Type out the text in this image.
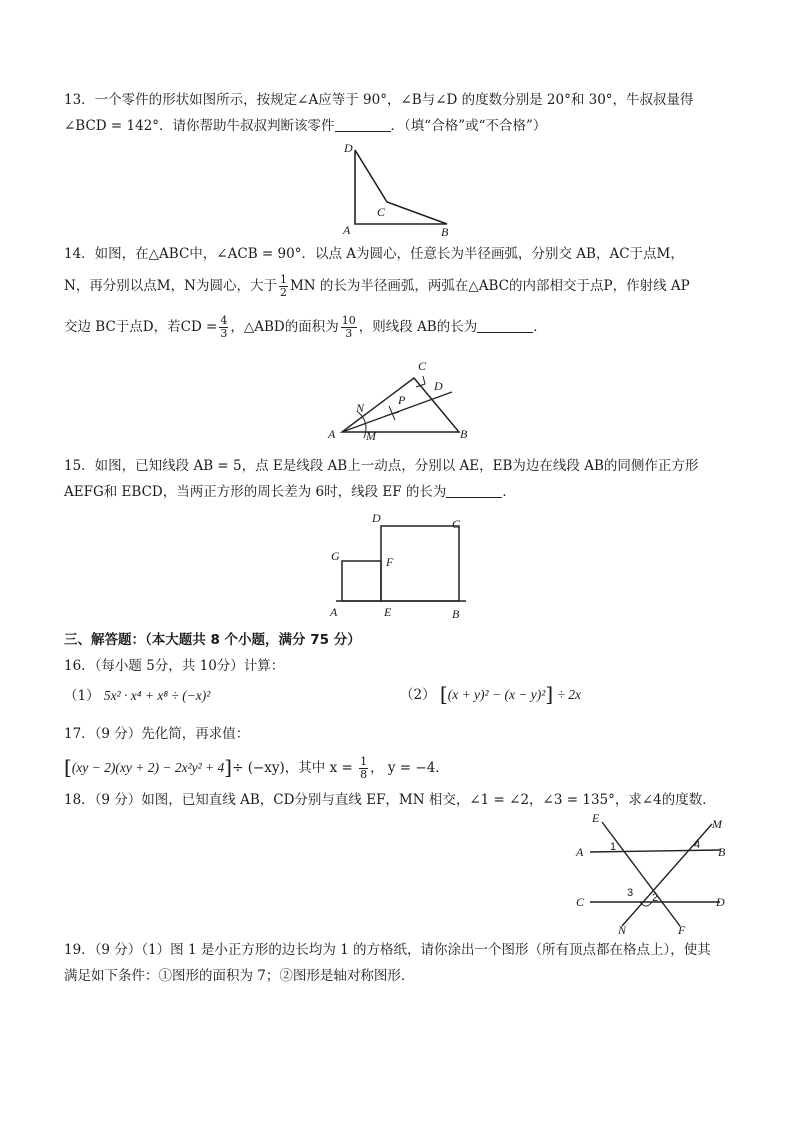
13．一个零件的形状如图所示，按规定∠A应等于 90°，∠B与∠D 的度数分别是 20°和 30°，牛叔叔量得
∠BCD = 142°．请你帮助牛叔叔判断该零件	．（填“合格”或“不合格”）
D
C
A	B
14．如图，在△ABC中，∠ACB = 90°．以点 A为圆心，任意长为半径画弧，分别交 AB，AC于点M，
N，再分别以点M，N为圆心，大于 $\frac{1}{2}$ MN 的长为半径画弧，两弧在△ABC的内部相交于点P，作射线 AP
交边 BC于点D，若CD = $\frac{4}{3}$ ，△ABD的面积为 $\frac{10}{3}$ ，则线段 AB的长为	．
C
D
N
P
A	M	B
15．如图，已知线段 AB = 5，点 E是线段 AB上一动点，分别以 AE，EB为边在线段 AB的同侧作正方形
AEFG和 EBCD，当两正方形的周长差为 6时，线段 EF 的长为	．
D	C
G	F
A	E	B
三、解答题：（本大题共 8 个小题，满分 75 分）
16．（每小题 5分，共 10分）计算：
（1） 5x² · x⁴ + x⁸ ÷ (−x)²	（2） [(x + y)² − (x − y)²] ÷ 2x
17．（9 分）先化简，再求值：
[(xy − 2)(xy + 2) − 2x²y² + 4]÷ (−xy)，其中 $x = \frac{1}{8}$ ， y = −4．
18．（9 分）如图，已知直线 AB，CD分别与直线 EF，MN 相交，∠1 = ∠2，∠3 = 135°，求∠4的度数．
E	M
A	B
C	D
N	F
1
2
3
4
19．（9 分）（1）图 1 是小正方形的边长均为 1 的方格纸，请你涂出一个图形（所有顶点都在格点上），使其
满足如下条件：①图形的面积为 7；②图形是轴对称图形．
